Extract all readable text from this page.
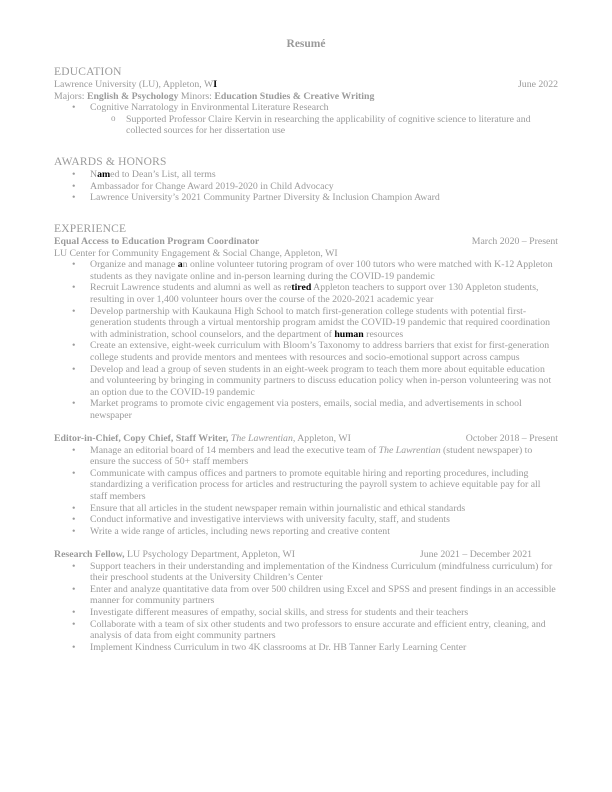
Resumé
EDUCATION
Lawrence University (LU), Appleton, WI	June 2022
Majors: English & Psychology Minors: Education Studies & Creative Writing
• Cognitive Narratology in Environmental Literature Research
o Supported Professor Claire Kervin in researching the applicability of cognitive science to literature and collected sources for her dissertation use
AWARDS & HONORS
• Named to Dean’s List, all terms
• Ambassador for Change Award 2019-2020 in Child Advocacy
• Lawrence University’s 2021 Community Partner Diversity & Inclusion Champion Award
EXPERIENCE
Equal Access to Education Program Coordinator	March 2020 – Present
LU Center for Community Engagement & Social Change, Appleton, WI
• Organize and manage an online volunteer tutoring program of over 100 tutors who were matched with K-12 Appleton students as they navigate online and in-person learning during the COVID-19 pandemic
• Recruit Lawrence students and alumni as well as retired Appleton teachers to support over 130 Appleton students, resulting in over 1,400 volunteer hours over the course of the 2020-2021 academic year
• Develop partnership with Kaukauna High School to match first-generation college students with potential first-generation students through a virtual mentorship program amidst the COVID-19 pandemic that required coordination with administration, school counselors, and the department of human resources
• Create an extensive, eight-week curriculum with Bloom’s Taxonomy to address barriers that exist for first-generation college students and provide mentors and mentees with resources and socio-emotional support across campus
• Develop and lead a group of seven students in an eight-week program to teach them more about equitable education and volunteering by bringing in community partners to discuss education policy when in-person volunteering was not an option due to the COVID-19 pandemic
• Market programs to promote civic engagement via posters, emails, social media, and advertisements in school newspaper
Editor-in-Chief, Copy Chief, Staff Writer, The Lawrentian, Appleton, WI	October 2018 – Present
• Manage an editorial board of 14 members and lead the executive team of The Lawrentian (student newspaper) to ensure the success of 50+ staff members
• Communicate with campus offices and partners to promote equitable hiring and reporting procedures, including standardizing a verification process for articles and restructuring the payroll system to achieve equitable pay for all staff members
• Ensure that all articles in the student newspaper remain within journalistic and ethical standards
• Conduct informative and investigative interviews with university faculty, staff, and students
• Write a wide range of articles, including news reporting and creative content
Research Fellow, LU Psychology Department, Appleton, WI	June 2021 – December 2021
• Support teachers in their understanding and implementation of the Kindness Curriculum (mindfulness curriculum) for their preschool students at the University Children’s Center
• Enter and analyze quantitative data from over 500 children using Excel and SPSS and present findings in an accessible manner for community partners
• Investigate different measures of empathy, social skills, and stress for students and their teachers
• Collaborate with a team of six other students and two professors to ensure accurate and efficient entry, cleaning, and analysis of data from eight community partners
• Implement Kindness Curriculum in two 4K classrooms at Dr. HB Tanner Early Learning Center
